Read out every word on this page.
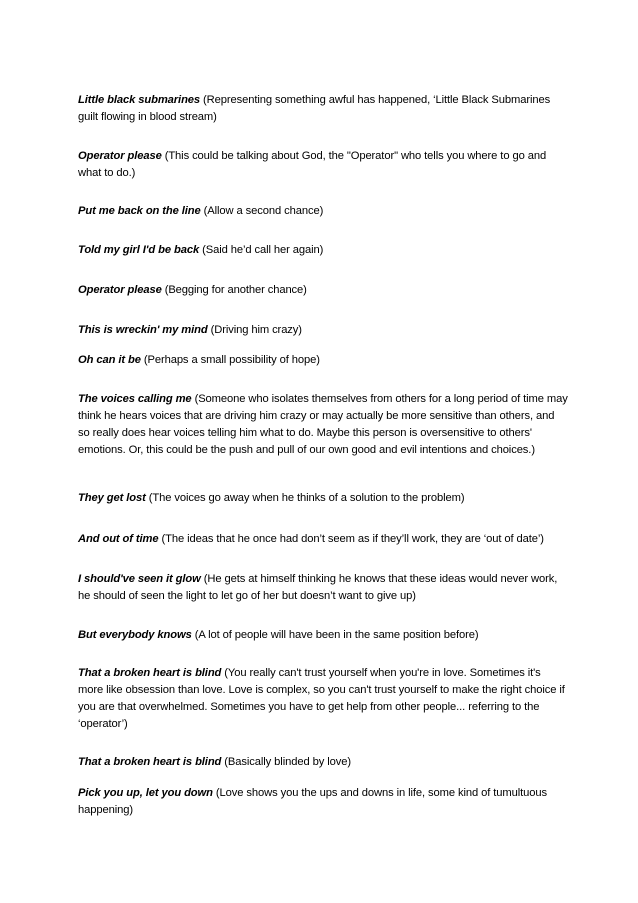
Little black submarines (Representing something awful has happened, ‘Little Black Submarines guilt flowing in blood stream)

Operator please (This could be talking about God, the "Operator" who tells you where to go and what to do.)

Put me back on the line (Allow a second chance)

Told my girl I'd be back (Said he’d call her again)

Operator please (Begging for another chance)

This is wreckin' my mind (Driving him crazy)

Oh can it be (Perhaps a small possibility of hope)

The voices calling me (Someone who isolates themselves from others for a long period of time may think he hears voices that are driving him crazy or may actually be more sensitive than others, and so really does hear voices telling him what to do. Maybe this person is oversensitive to others' emotions. Or, this could be the push and pull of our own good and evil intentions and choices.)

They get lost (The voices go away when he thinks of a solution to the problem)

And out of time (The ideas that he once had don’t seem as if they’ll work, they are ‘out of date’)

I should've seen it glow (He gets at himself thinking he knows that these ideas would never work, he should of seen the light to let go of her but doesn’t want to give up)

But everybody knows (A lot of people will have been in the same position before)

That a broken heart is blind (You really can't trust yourself when you're in love. Sometimes it's more like obsession than love. Love is complex, so you can't trust yourself to make the right choice if you are that overwhelmed. Sometimes you have to get help from other people... referring to the ‘operator’)

That a broken heart is blind (Basically blinded by love)

Pick you up, let you down (Love shows you the ups and downs in life, some kind of tumultuous happening)
